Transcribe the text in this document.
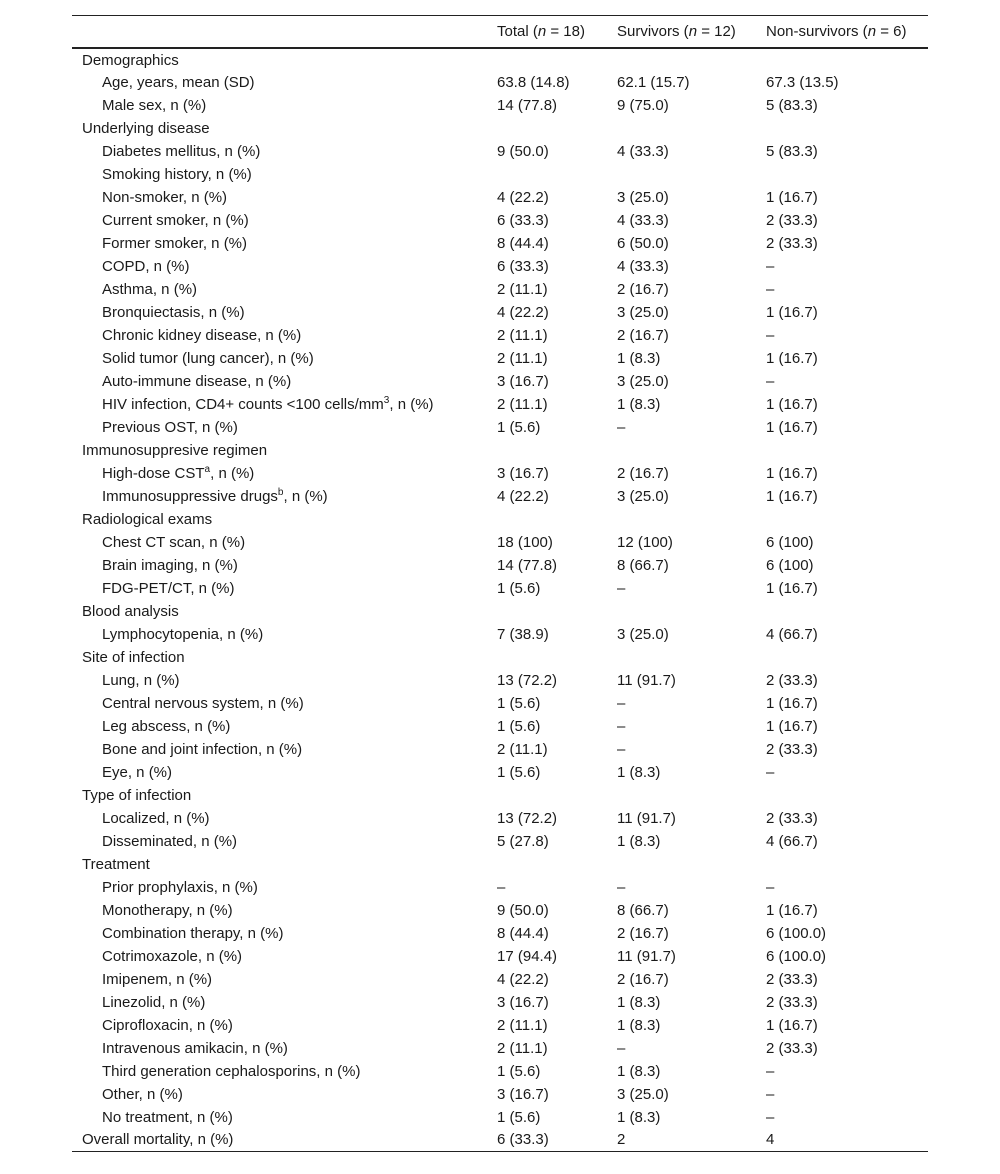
	Total (n = 18)	Survivors (n = 12)	Non-survivors (n = 6)
Demographics			
Age, years, mean (SD)	63.8 (14.8)	62.1 (15.7)	67.3 (13.5)
Male sex, n (%)	14 (77.8)	9 (75.0)	5 (83.3)
Underlying disease			
Diabetes mellitus, n (%)	9 (50.0)	4 (33.3)	5 (83.3)
Smoking history, n (%)			
Non-smoker, n (%)	4 (22.2)	3 (25.0)	1 (16.7)
Current smoker, n (%)	6 (33.3)	4 (33.3)	2 (33.3)
Former smoker, n (%)	8 (44.4)	6 (50.0)	2 (33.3)
COPD, n (%)	6 (33.3)	4 (33.3)	–
Asthma, n (%)	2 (11.1)	2 (16.7)	–
Bronquiectasis, n (%)	4 (22.2)	3 (25.0)	1 (16.7)
Chronic kidney disease, n (%)	2 (11.1)	2 (16.7)	–
Solid tumor (lung cancer), n (%)	2 (11.1)	1 (8.3)	1 (16.7)
Auto-immune disease, n (%)	3 (16.7)	3 (25.0)	–
HIV infection, CD4+ counts <100 cells/$mm^3$, n (%)	2 (11.1)	1 (8.3)	1 (16.7)
Previous OST, n (%)	1 (5.6)	–	1 (16.7)
Immunosuppresive regimen			
High-dose CST$^a$, n (%)	3 (16.7)	2 (16.7)	1 (16.7)
Immunosuppressive drugs$^b$, n (%)	4 (22.2)	3 (25.0)	1 (16.7)
Radiological exams			
Chest CT scan, n (%)	18 (100)	12 (100)	6 (100)
Brain imaging, n (%)	14 (77.8)	8 (66.7)	6 (100)
FDG-PET/CT, n (%)	1 (5.6)	–	1 (16.7)
Blood analysis			
Lymphocytopenia, n (%)	7 (38.9)	3 (25.0)	4 (66.7)
Site of infection			
Lung, n (%)	13 (72.2)	11 (91.7)	2 (33.3)
Central nervous system, n (%)	1 (5.6)	–	1 (16.7)
Leg abscess, n (%)	1 (5.6)	–	1 (16.7)
Bone and joint infection, n (%)	2 (11.1)	–	2 (33.3)
Eye, n (%)	1 (5.6)	1 (8.3)	–
Type of infection			
Localized, n (%)	13 (72.2)	11 (91.7)	2 (33.3)
Disseminated, n (%)	5 (27.8)	1 (8.3)	4 (66.7)
Treatment			
Prior prophylaxis, n (%)	–	–	–
Monotherapy, n (%)	9 (50.0)	8 (66.7)	1 (16.7)
Combination therapy, n (%)	8 (44.4)	2 (16.7)	6 (100.0)
Cotrimoxazole, n (%)	17 (94.4)	11 (91.7)	6 (100.0)
Imipenem, n (%)	4 (22.2)	2 (16.7)	2 (33.3)
Linezolid, n (%)	3 (16.7)	1 (8.3)	2 (33.3)
Ciprofloxacin, n (%)	2 (11.1)	1 (8.3)	1 (16.7)
Intravenous amikacin, n (%)	2 (11.1)	–	2 (33.3)
Third generation cephalosporins, n (%)	1 (5.6)	1 (8.3)	–
Other, n (%)	3 (16.7)	3 (25.0)	–
No treatment, n (%)	1 (5.6)	1 (8.3)	–
Overall mortality, n (%)	6 (33.3)	2	4
